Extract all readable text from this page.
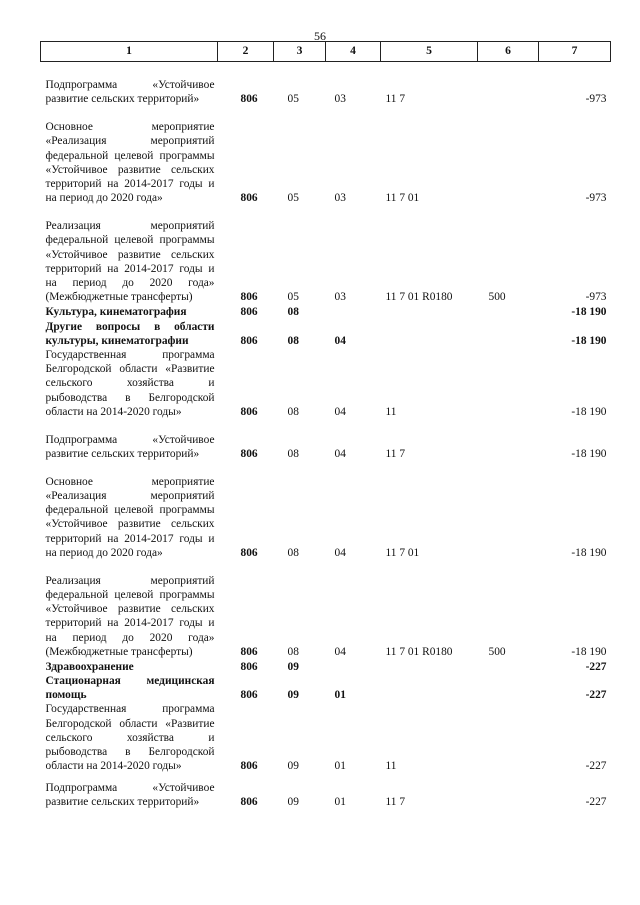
56
1	2	3	4	5	6	7
Подпрограмма «Устойчивое развитие сельских территорий»	806	05	03	11 7		-973
Основное мероприятие «Реализация мероприятий федеральной целевой программы «Устойчивое развитие сельских территорий на 2014-2017 годы и на период до 2020 года»	806	05	03	11 7 01		-973
Реализация мероприятий федеральной целевой программы «Устойчивое развитие сельских территорий на 2014-2017 годы и на период до 2020 года» (Межбюджетные трансферты)	806	05	03	11 7 01 R0180	500	-973
Культура, кинематография	806	08				-18 190
Другие вопросы в области культуры, кинематографии	806	08	04			-18 190
Государственная программа Белгородской области «Развитие сельского хозяйства и рыбоводства в Белгородской области на 2014-2020 годы»	806	08	04	11		-18 190
Подпрограмма «Устойчивое развитие сельских территорий»	806	08	04	11 7		-18 190
Основное мероприятие «Реализация мероприятий федеральной целевой программы «Устойчивое развитие сельских территорий на 2014-2017 годы и на период до 2020 года»	806	08	04	11 7 01		-18 190
Реализация мероприятий федеральной целевой программы «Устойчивое развитие сельских территорий на 2014-2017 годы и на период до 2020 года» (Межбюджетные трансферты)	806	08	04	11 7 01 R0180	500	-18 190
Здравоохранение	806	09				-227
Стационарная медицинская помощь	806	09	01			-227
Государственная программа Белгородской области «Развитие сельского хозяйства и рыбоводства в Белгородской области на 2014-2020 годы»	806	09	01	11		-227
Подпрограмма «Устойчивое развитие сельских территорий»	806	09	01	11 7		-227
